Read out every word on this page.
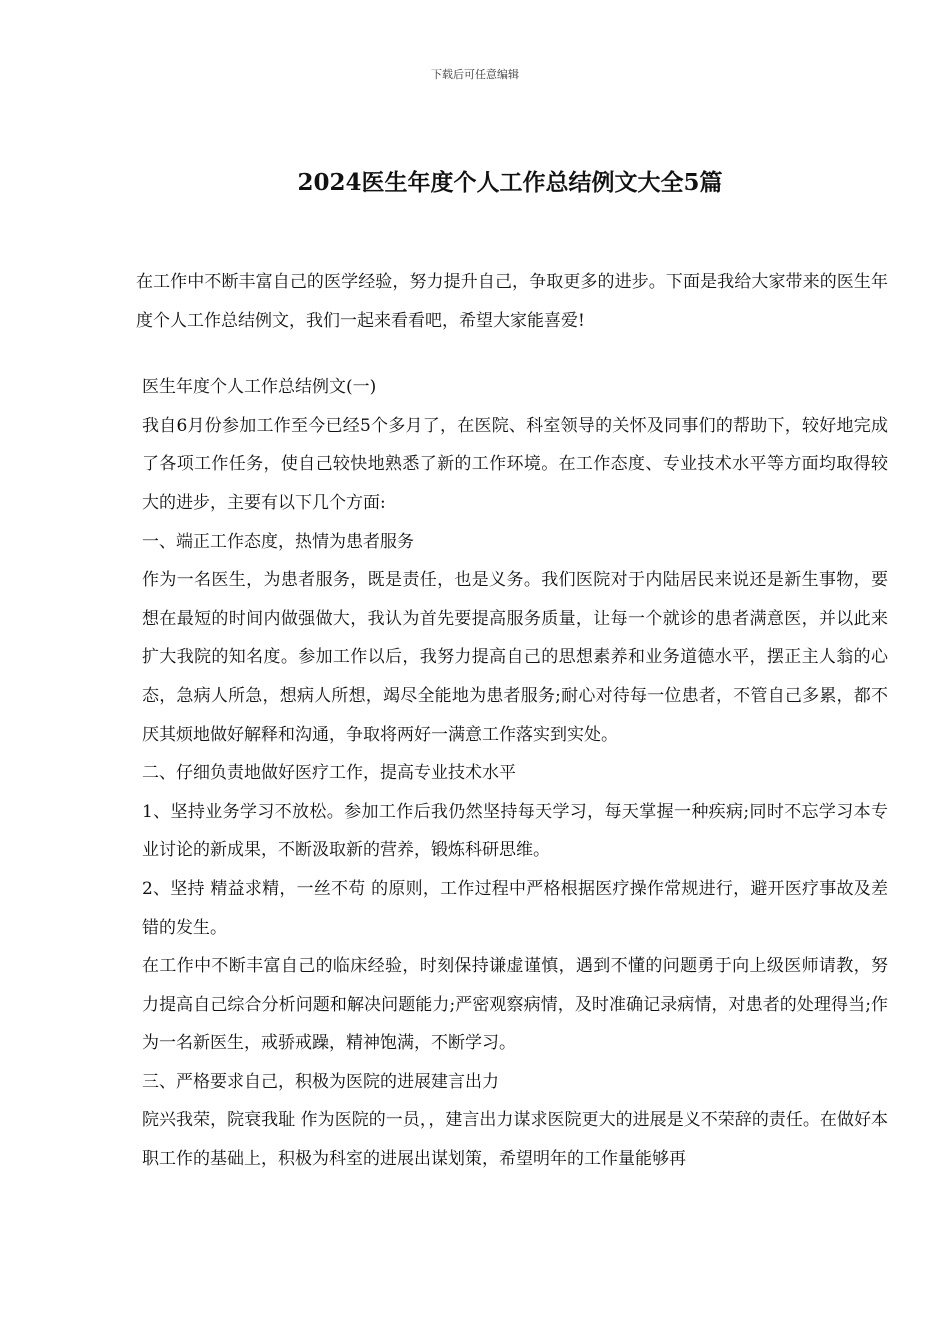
下载后可任意编辑
2024医生年度个人工作总结例文大全5篇

在工作中不断丰富自己的医学经验，努力提升自己，争取更多的进步。下面是我给大家带来的医生年度个人工作总结例文，我们一起来看看吧，希望大家能喜爱!

医生年度个人工作总结例文(一)

我自6月份参加工作至今已经5个多月了，在医院、科室领导的关怀及同事们的帮助下，较好地完成了各项工作任务，使自己较快地熟悉了新的工作环境。在工作态度、专业技术水平等方面均取得较大的进步，主要有以下几个方面:

一、端正工作态度，热情为患者服务

作为一名医生，为患者服务，既是责任，也是义务。我们医院对于内陆居民来说还是新生事物，要想在最短的时间内做强做大，我认为首先要提高服务质量，让每一个就诊的患者满意医，并以此来扩大我院的知名度。参加工作以后，我努力提高自己的思想素养和业务道德水平，摆正主人翁的心态，急病人所急，想病人所想，竭尽全能地为患者服务;耐心对待每一位患者，不管自己多累，都不厌其烦地做好解释和沟通，争取将两好一满意工作落实到实处。

二、仔细负责地做好医疗工作，提高专业技术水平

1、坚持业务学习不放松。参加工作后我仍然坚持每天学习，每天掌握一种疾病;同时不忘学习本专业讨论的新成果，不断汲取新的营养，锻炼科研思维。

2、坚持 精益求精，一丝不苟 的原则，工作过程中严格根据医疗操作常规进行，避开医疗事故及差错的发生。

在工作中不断丰富自己的临床经验，时刻保持谦虚谨慎，遇到不懂的问题勇于向上级医师请教，努力提高自己综合分析问题和解决问题能力;严密观察病情，及时准确记录病情，对患者的处理得当;作为一名新医生，戒骄戒躁，精神饱满，不断学习。

三、严格要求自己，积极为医院的进展建言出力

院兴我荣，院衰我耻 作为医院的一员，，建言出力谋求医院更大的进展是义不荣辞的责任。在做好本职工作的基础上，积极为科室的进展出谋划策，希望明年的工作量能够再
